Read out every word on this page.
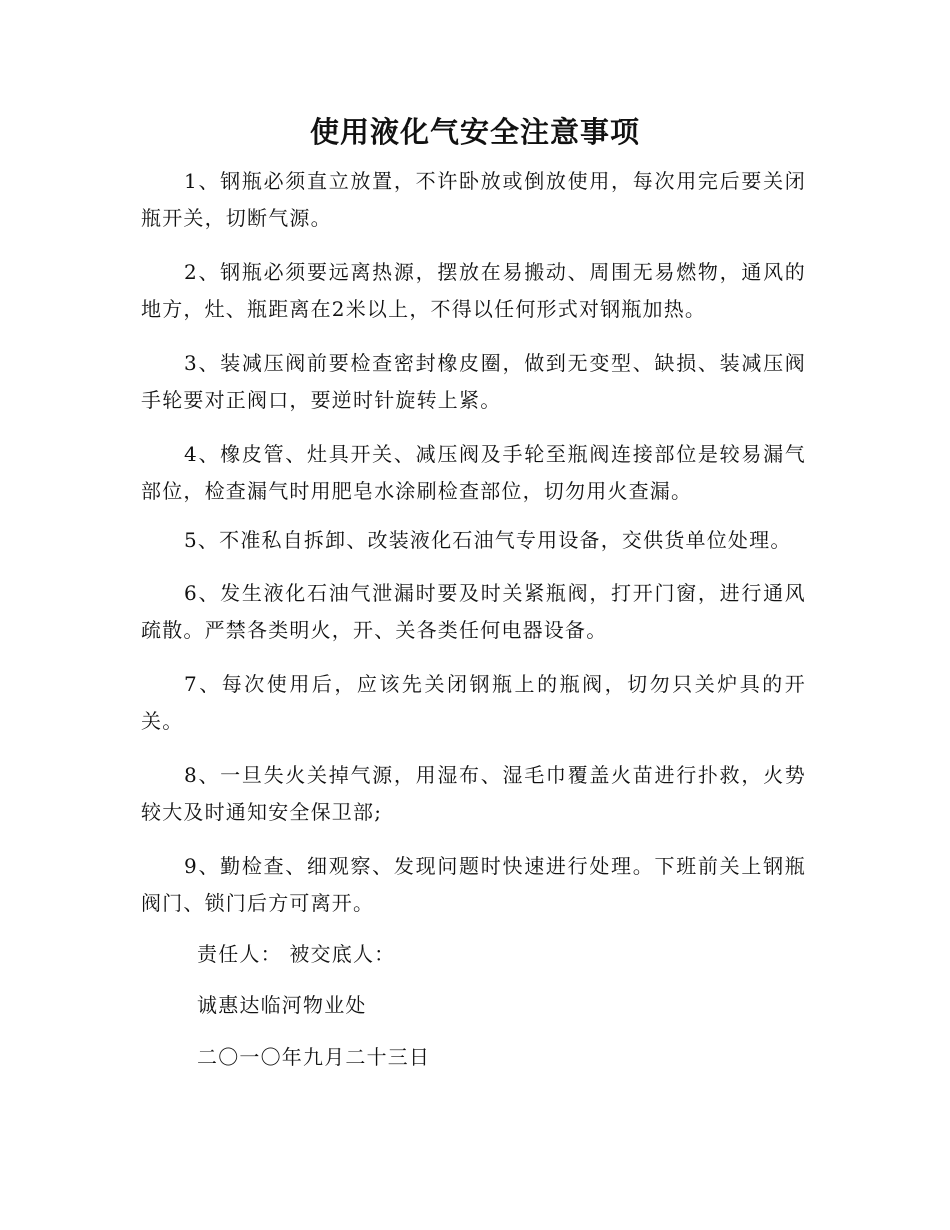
使用液化气安全注意事项

1、钢瓶必须直立放置，不许卧放或倒放使用，每次用完后要关闭瓶开关，切断气源。

2、钢瓶必须要远离热源，摆放在易搬动、周围无易燃物，通风的地方，灶、瓶距离在2米以上，不得以任何形式对钢瓶加热。

3、装减压阀前要检查密封橡皮圈，做到无变型、缺损、装减压阀手轮要对正阀口，要逆时针旋转上紧。

4、橡皮管、灶具开关、减压阀及手轮至瓶阀连接部位是较易漏气部位，检查漏气时用肥皂水涂刷检查部位，切勿用火查漏。

5、不准私自拆卸、改装液化石油气专用设备，交供货单位处理。

6、发生液化石油气泄漏时要及时关紧瓶阀，打开门窗，进行通风疏散。严禁各类明火，开、关各类任何电器设备。

7、每次使用后，应该先关闭钢瓶上的瓶阀，切勿只关炉具的开关。

8、一旦失火关掉气源，用湿布、湿毛巾覆盖火苗进行扑救，火势较大及时通知安全保卫部;

9、勤检查、细观察、发现问题时快速进行处理。下班前关上钢瓶阀门、锁门后方可离开。

责任人： 被交底人：

诚惠达临河物业处

二〇一〇年九月二十三日
